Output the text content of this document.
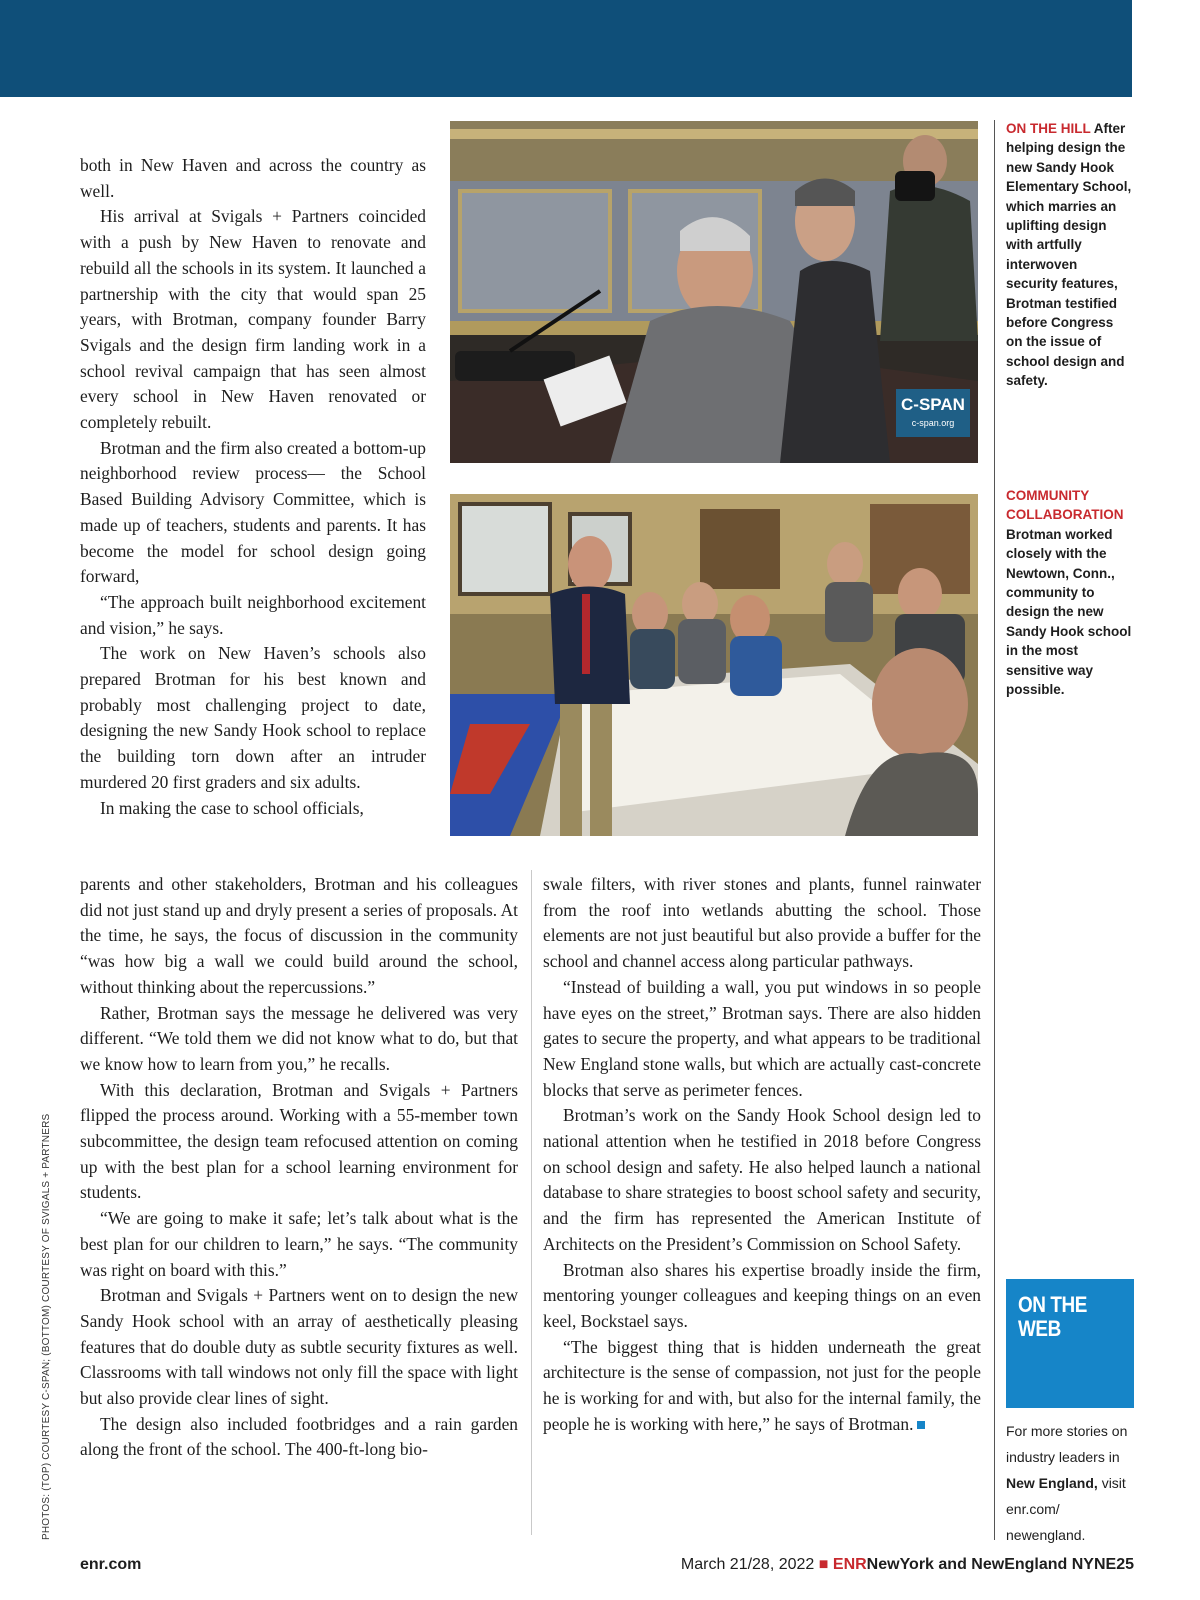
C-SPAN
c-span.org

both in New Haven and across the country as well.

His arrival at Svigals + Partners coincided with a push by New Haven to renovate and rebuild all the schools in its system. It launched a partnership with the city that would span 25 years, with Brotman, company founder Barry Svigals and the design firm landing work in a school revival campaign that has seen almost every school in New Haven renovated or completely rebuilt.

Brotman and the firm also created a bottom-up neighborhood review process— the School Based Building Advisory Committee, which is made up of teachers, students and parents. It has become the model for school design going forward,

“The approach built neighborhood excitement and vision,” he says.

The work on New Haven’s schools also prepared Brotman for his best known and probably most challenging project to date, designing the new Sandy Hook school to replace the building torn down after an intruder murdered 20 first graders and six adults.

In making the case to school officials,

parents and other stakeholders, Brotman and his colleagues did not just stand up and dryly present a series of proposals. At the time, he says, the focus of discussion in the community “was how big a wall we could build around the school, without thinking about the repercussions.”

Rather, Brotman says the message he delivered was very different. “We told them we did not know what to do, but that we know how to learn from you,” he recalls.

With this declaration, Brotman and Svigals + Partners flipped the process around. Working with a 55-member town subcommittee, the design team refocused attention on coming up with the best plan for a school learning environment for students.

“We are going to make it safe; let’s talk about what is the best plan for our children to learn,” he says. “The community was right on board with this.”

Brotman and Svigals + Partners went on to design the new Sandy Hook school with an array of aesthetically pleasing features that do double duty as subtle security fixtures as well. Classrooms with tall windows not only fill the space with light but also provide clear lines of sight.

The design also included footbridges and a rain garden along the front of the school. The 400-ft-long bio-

swale filters, with river stones and plants, funnel rainwater from the roof into wetlands abutting the school. Those elements are not just beautiful but also provide a buffer for the school and channel access along particular pathways.

“Instead of building a wall, you put windows in so people have eyes on the street,” Brotman says. There are also hidden gates to secure the property, and what appears to be traditional New England stone walls, but which are actually cast-concrete blocks that serve as perimeter fences.

Brotman’s work on the Sandy Hook School design led to national attention when he testified in 2018 before Congress on school design and safety. He also helped launch a national database to share strategies to boost school safety and security, and the firm has represented the American Institute of Architects on the President’s Commission on School Safety.

Brotman also shares his expertise broadly inside the firm, mentoring younger colleagues and keeping things on an even keel, Bockstael says.

“The biggest thing that is hidden underneath the great architecture is the sense of compassion, not just for the people he is working for and with, but also for the internal family, the people he is working with here,” he says of Brotman.

ON THE HILL After helping design the new Sandy Hook Elementary School, which marries an uplifting design with artfully interwoven security features, Brotman testified before Congress on the issue of school design and safety.
COMMUNITY COLLABORATION
Brotman worked closely with the Newtown, Conn., community to design the new Sandy Hook school in the most sensitive way possible.
ON THE WEB
For more stories on industry leaders in New England, visit enr.com/ newengland.
PHOTOS: (TOP) COURTESY C-SPAN; (BOTTOM) COURTESY OF SVIGALS + PARTNERS
enr.com	March 21/28, 2022 ■ ENRNewYork and NewEngland NYNE25
